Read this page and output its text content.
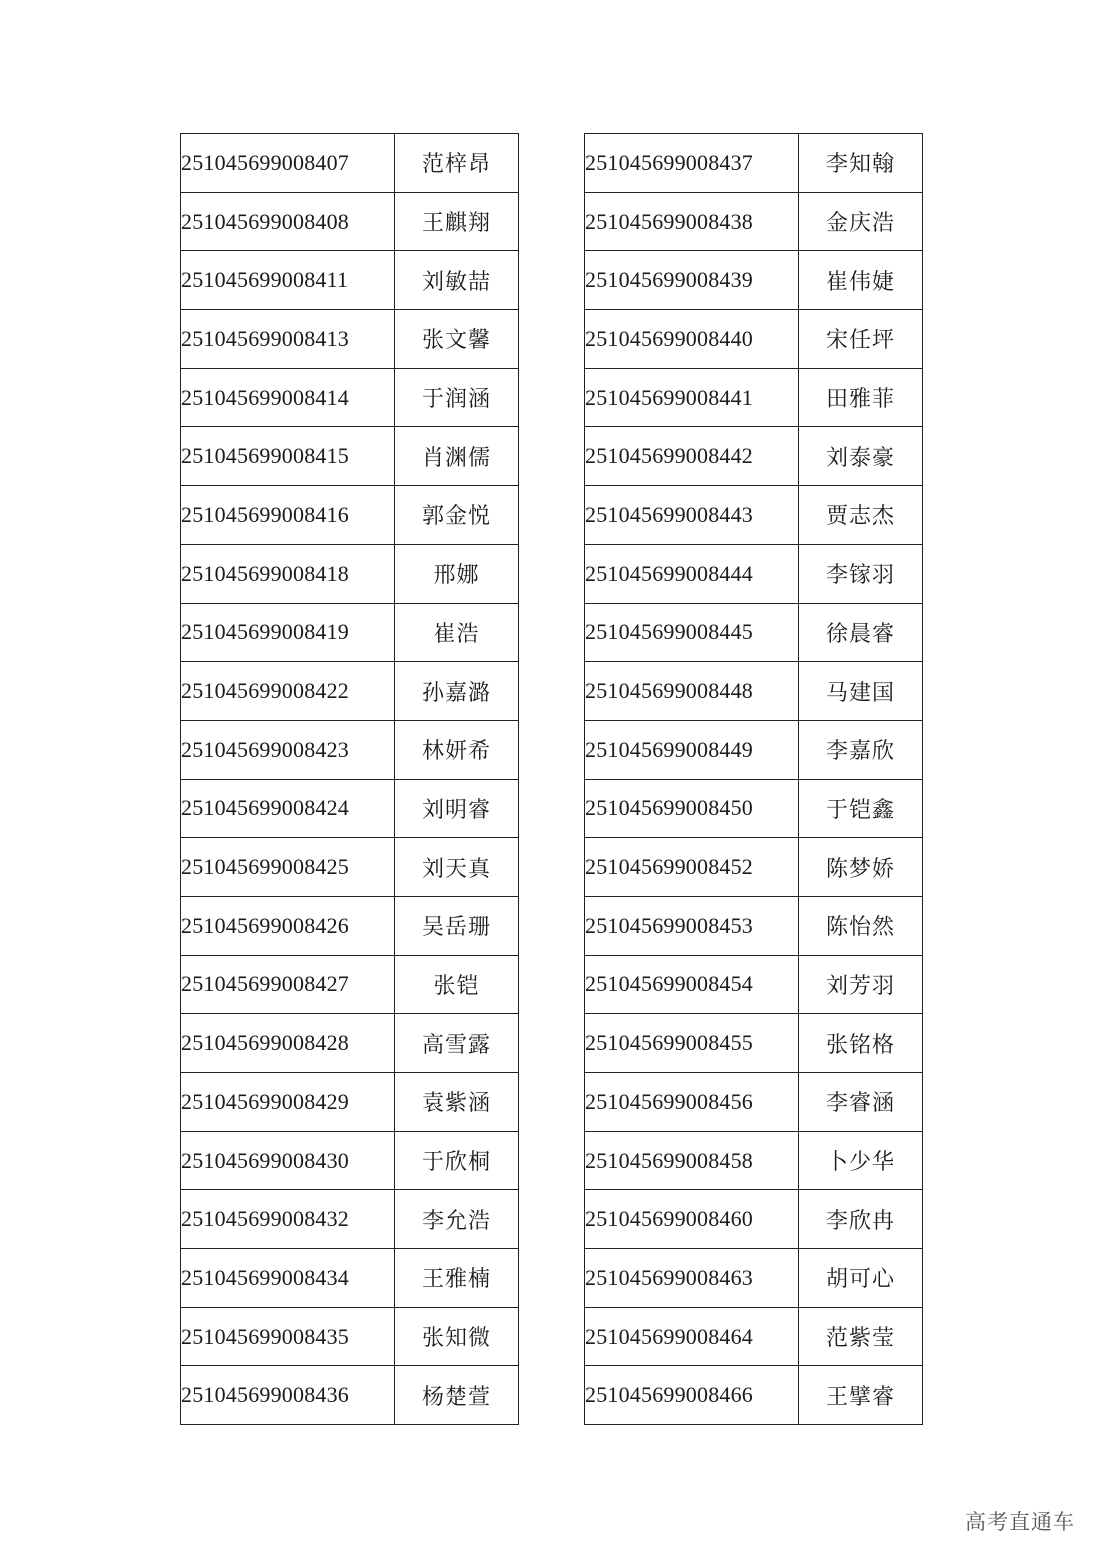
251045699008407	范梓昂
251045699008408	王麒翔
251045699008411	刘敏喆
251045699008413	张文馨
251045699008414	于润涵
251045699008415	肖渊儒
251045699008416	郭金悦
251045699008418	邢娜
251045699008419	崔浩
251045699008422	孙嘉潞
251045699008423	林妍希
251045699008424	刘明睿
251045699008425	刘天真
251045699008426	吴岳珊
251045699008427	张铠
251045699008428	高雪露
251045699008429	袁紫涵
251045699008430	于欣桐
251045699008432	李允浩
251045699008434	王雅楠
251045699008435	张知微
251045699008436	杨楚萱
251045699008437	李知翰
251045699008438	金庆浩
251045699008439	崔伟婕
251045699008440	宋任坪
251045699008441	田雅菲
251045699008442	刘泰豪
251045699008443	贾志杰
251045699008444	李镓羽
251045699008445	徐晨睿
251045699008448	马建国
251045699008449	李嘉欣
251045699008450	于铠鑫
251045699008452	陈梦娇
251045699008453	陈怡然
251045699008454	刘芳羽
251045699008455	张铭格
251045699008456	李睿涵
251045699008458	卜少华
251045699008460	李欣冉
251045699008463	胡可心
251045699008464	范紫莹
251045699008466	王擘睿
高考直通车
